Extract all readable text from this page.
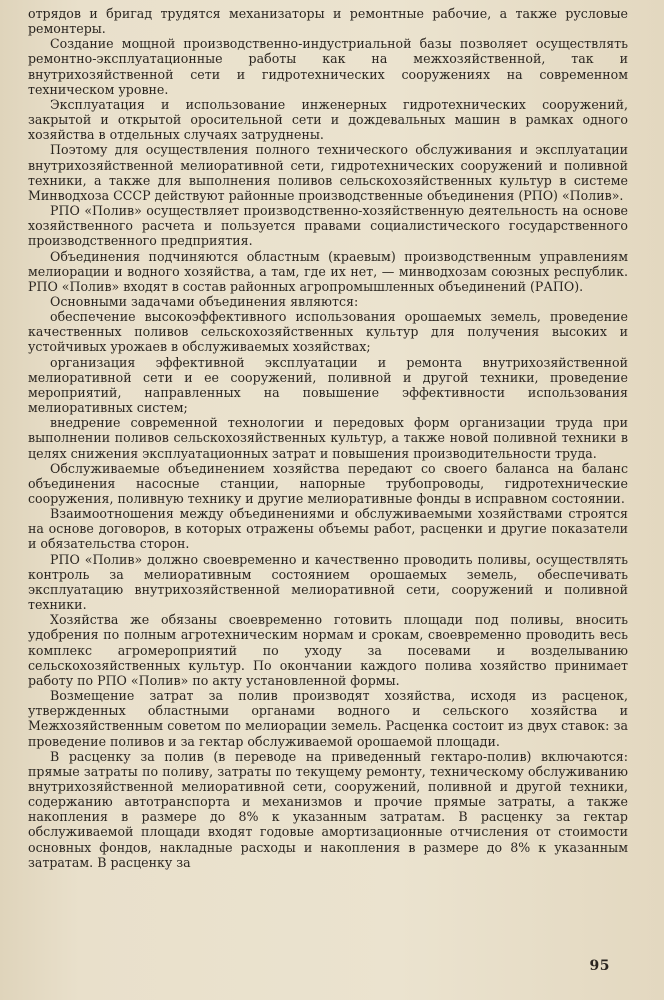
отрядов и бригад трудятся механизаторы и ремонтные рабочие, а также русловые ремонтеры.

Создание мощной производственно-индустриальной базы позволяет осуществлять ремонтно-эксплуатационные работы как на межхозяйственной, так и внутрихозяйственной сети и гидротехнических сооружениях на современном техническом уровне.

Эксплуатация и использование инженерных гидротехнических сооружений, закрытой и открытой оросительной сети и дождевальных машин в рамках одного хозяйства в отдельных случаях затруднены.

Поэтому для осуществления полного технического обслуживания и эксплуатации внутрихозяйственной мелиоративной сети, гидротехнических сооружений и поливной техники, а также для выполнения поливов сельскохозяйственных культур в системе Минводхоза СССР действуют районные производственные объединения (РПО) «Полив».

РПО «Полив» осуществляет производственно-хозяйственную деятельность на основе хозяйственного расчета и пользуется правами социалистического государственного производственного предприятия.

Объединения подчиняются областным (краевым) производственным управлениям мелиорации и водного хозяйства, а там, где их нет, — минводхозам союзных республик. РПО «Полив» входят в состав районных агропромышленных объединений (РАПО).

Основными задачами объединения являются:

обеспечение высокоэффективного использования орошаемых земель, проведение качественных поливов сельскохозяйственных культур для получения высоких и устойчивых урожаев в обслуживаемых хозяйствах;

организация эффективной эксплуатации и ремонта внутрихозяйственной мелиоративной сети и ее сооружений, поливной и другой техники, проведение мероприятий, направленных на повышение эффективности использования мелиоративных систем;

внедрение современной технологии и передовых форм организации труда при выполнении поливов сельскохозяйственных культур, а также новой поливной техники в целях снижения эксплуатационных затрат и повышения производительности труда.

Обслуживаемые объединением хозяйства передают со своего баланса на баланс объединения насосные станции, напорные трубопроводы, гидротехнические сооружения, поливную технику и другие мелиоративные фонды в исправном состоянии.

Взаимоотношения между объединениями и обслуживаемыми хозяйствами строятся на основе договоров, в которых отражены объемы работ, расценки и другие показатели и обязательства сторон.

РПО «Полив» должно своевременно и качественно проводить поливы, осуществлять контроль за мелиоративным состоянием орошаемых земель, обеспечивать эксплуатацию внутрихозяйственной мелиоративной сети, сооружений и поливной техники.

Хозяйства же обязаны своевременно готовить площади под поливы, вносить удобрения по полным агротехническим нормам и срокам, своевременно проводить весь комплекс агромероприятий по уходу за посевами и возделыванию сельскохозяйственных культур. По окончании каждого полива хозяйство принимает работу по РПО «Полив» по акту установленной формы.

Возмещение затрат за полив производят хозяйства, исходя из расценок, утвержденных областными органами водного и сельского хозяйства и Межхозяйственным советом по мелиорации земель. Расценка состоит из двух ставок: за проведение поливов и за гектар обслуживаемой орошаемой площади.

В расценку за полив (в переводе на приведенный гектаро-полив) включаются: прямые затраты по поливу, затраты по текущему ремонту, техническому обслуживанию внутрихозяйственной мелиоративной сети, сооружений, поливной и другой техники, содержанию автотранспорта и механизмов и прочие прямые затраты, а также накопления в размере до 8% к указанным затратам. В расценку за гектар обслуживаемой площади входят годовые амортизационные отчисления от стоимости основных фондов, накладные расходы и накопления в размере до 8% к указанным затратам. В расценку за

95
